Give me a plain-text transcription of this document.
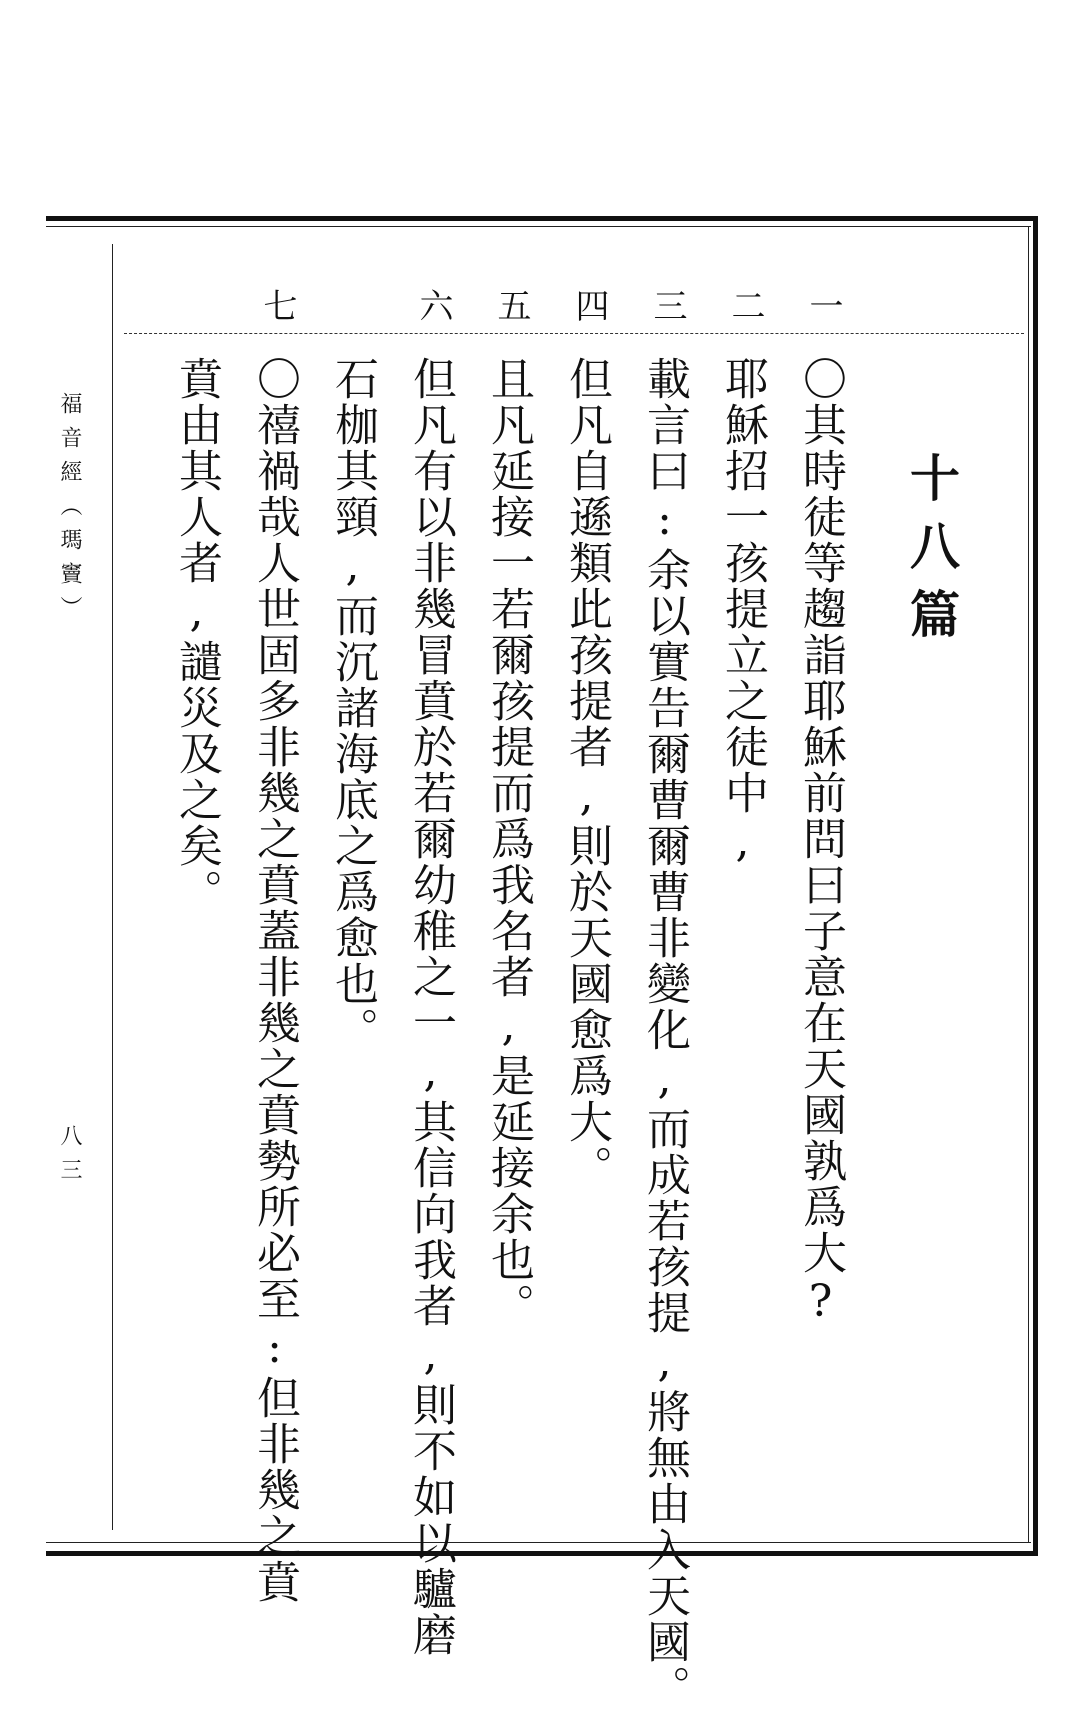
福音經（瑪竇）
八三
十八篇
一
二
三
四
五
六
七
〇其時徒等趨詣耶穌前問曰子意在天國孰爲大?
耶穌招一孩提立之徒中,
載言曰:余以實告爾曹爾曹非變化,而成若孩提,將無由入天國。
但凡自遜類此孩提者,則於天國愈爲大。
且凡延接一若爾孩提而爲我名者,是延接余也。
但凡有以非幾冒賁於若爾幼稚之一,其信向我者,則不如以驢磨
石枷其頸,而沉諸海底之爲愈也。
〇禧禍哉人世固多非幾之賁蓋非幾之賁勢所必至:但非幾之賁
賁由其人者,譴災及之矣。
